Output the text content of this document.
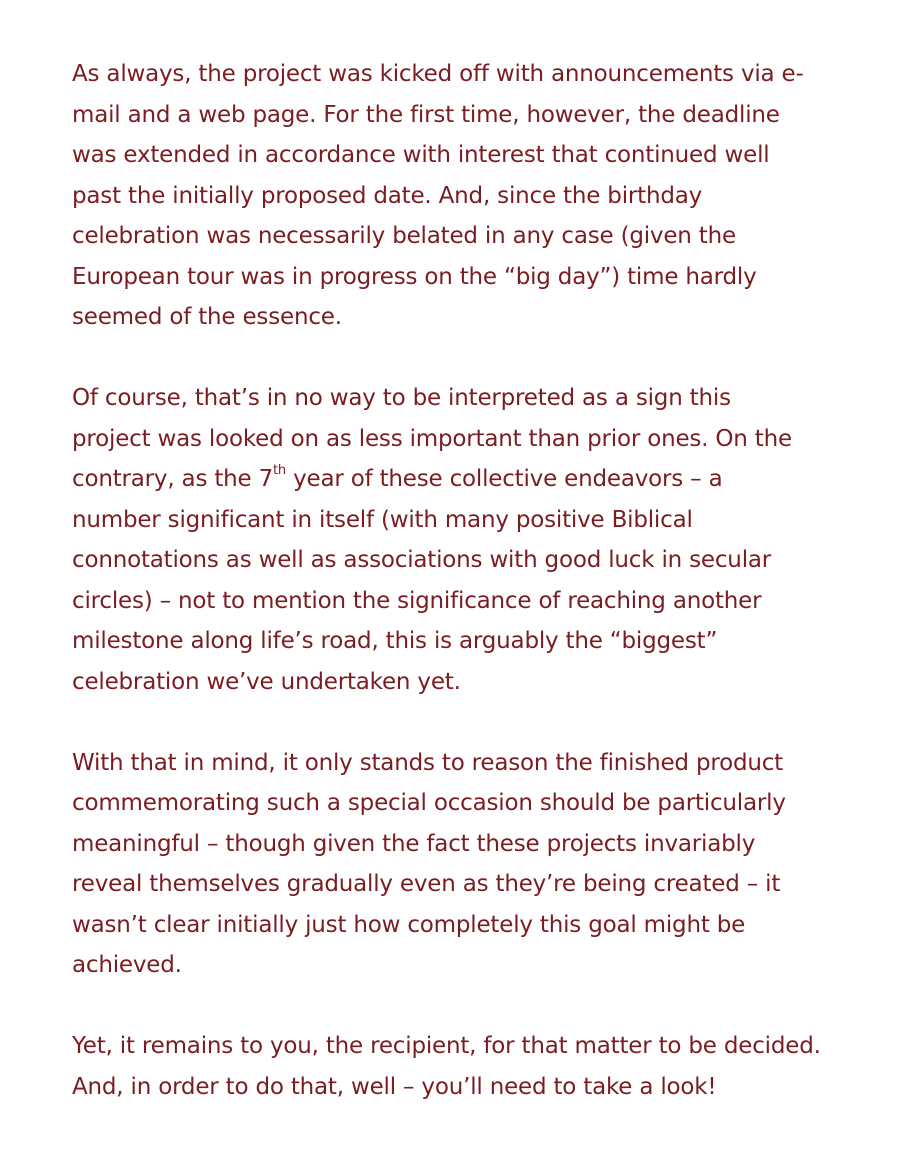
As always, the project was kicked off with announcements via e-
mail and a web page. For the first time, however, the deadline
was extended in accordance with interest that continued well
past the initially proposed date. And, since the birthday
celebration was necessarily belated in any case (given the
European tour was in progress on the “big day”) time hardly
seemed of the essence.
Of course, that’s in no way to be interpreted as a sign this
project was looked on as less important than prior ones. On the
contrary, as the 7th year of these collective endeavors – a
number significant in itself (with many positive Biblical
connotations as well as associations with good luck in secular
circles) – not to mention the significance of reaching another
milestone along life’s road, this is arguably the “biggest”
celebration we’ve undertaken yet.
With that in mind, it only stands to reason the finished product
commemorating such a special occasion should be particularly
meaningful – though given the fact these projects invariably
reveal themselves gradually even as they’re being created – it
wasn’t clear initially just how completely this goal might be
achieved.
Yet, it remains to you, the recipient, for that matter to be decided.
And, in order to do that, well – you’ll need to take a look!
